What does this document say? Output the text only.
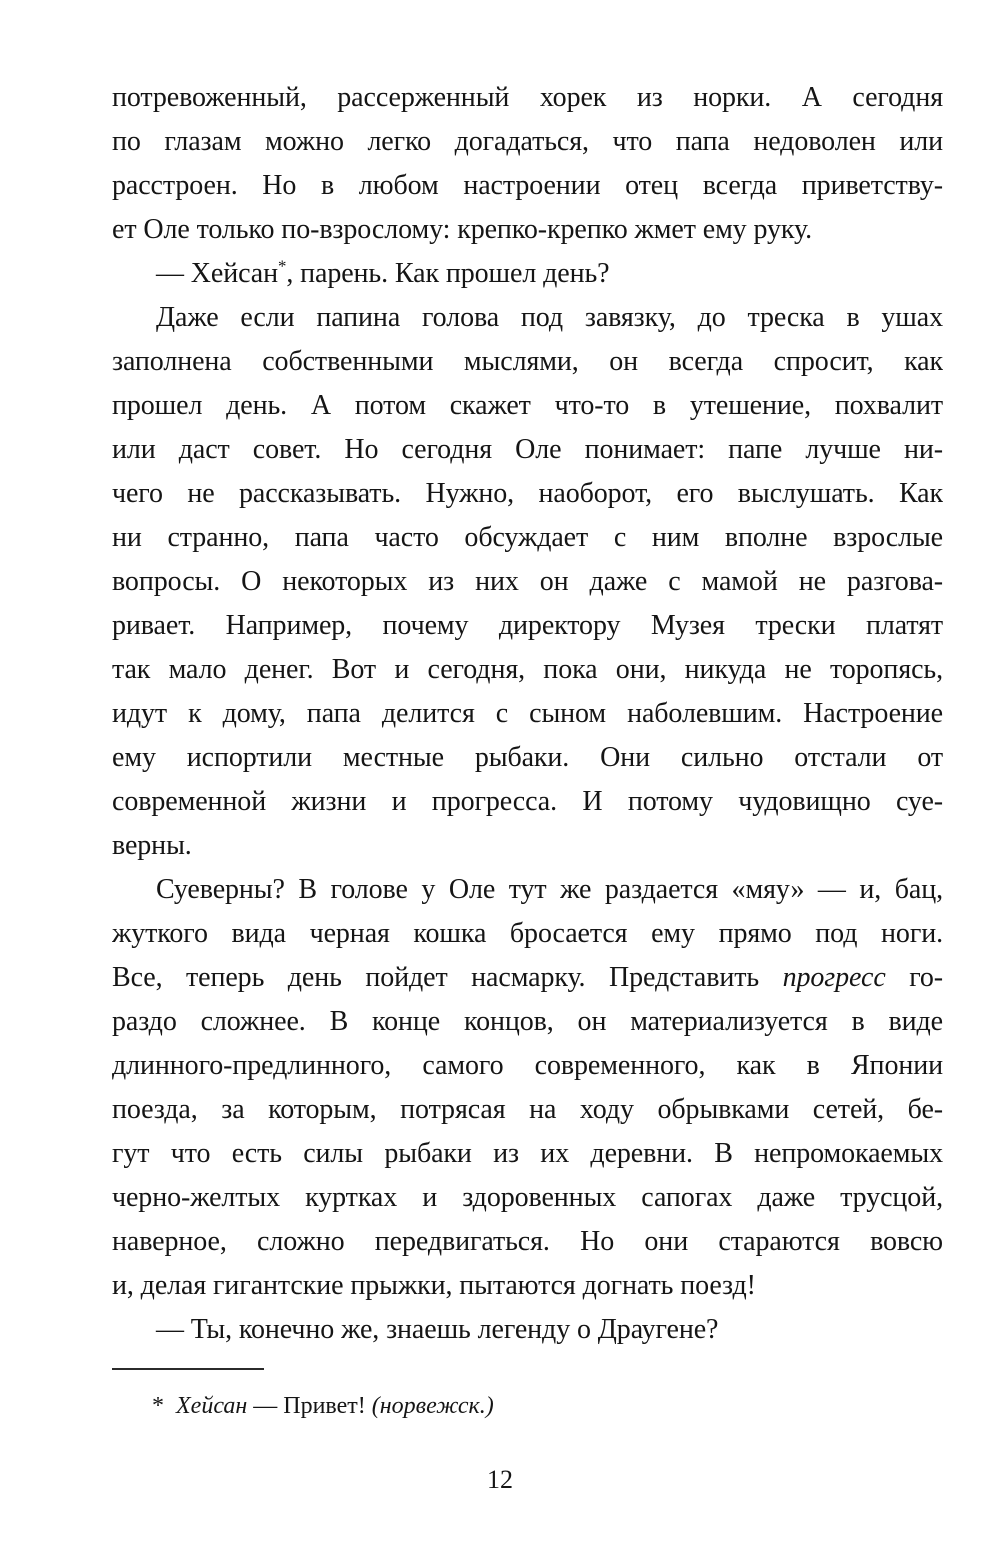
потревоженный, рассерженный хорек из норки. А сегодня
по глазам можно легко догадаться, что папа недоволен или
расстроен. Но в любом настроении отец всегда приветству-
ет Оле только по-взрослому: крепко-крепко жмет ему руку.
— Хейсан*, парень. Как прошел день?
Даже если папина голова под завязку, до треска в ушах
заполнена собственными мыслями, он всегда спросит, как
прошел день. А потом скажет что-то в утешение, похвалит
или даст совет. Но сегодня Оле понимает: папе лучше ни-
чего не рассказывать. Нужно, наоборот, его выслушать. Как
ни странно, папа часто обсуждает с ним вполне взрослые
вопросы. О некоторых из них он даже с мамой не разгова-
ривает. Например, почему директору Музея трески платят
так мало денег. Вот и сегодня, пока они, никуда не торопясь,
идут к дому, папа делится с сыном наболевшим. Настроение
ему испортили местные рыбаки. Они сильно отстали от
современной жизни и прогресса. И потому чудовищно суе-
верны.
Суеверны? В голове у Оле тут же раздается «мяу» — и, бац,
жуткого вида черная кошка бросается ему прямо под ноги.
Все, теперь день пойдет насмарку. Представить прогресс го-
раздо сложнее. В конце концов, он материализуется в виде
длинного-предлинного, самого современного, как в Японии
поезда, за которым, потрясая на ходу обрывками сетей, бе-
гут что есть силы рыбаки из их деревни. В непромокаемых
черно-желтых куртках и здоровенных сапогах даже трусцой,
наверное, сложно передвигаться. Но они стараются вовсю
и, делая гигантские прыжки, пытаются догнать поезд!
— Ты, конечно же, знаешь легенду о Драугене?
*  Хейсан — Привет! (норвежск.)
12
